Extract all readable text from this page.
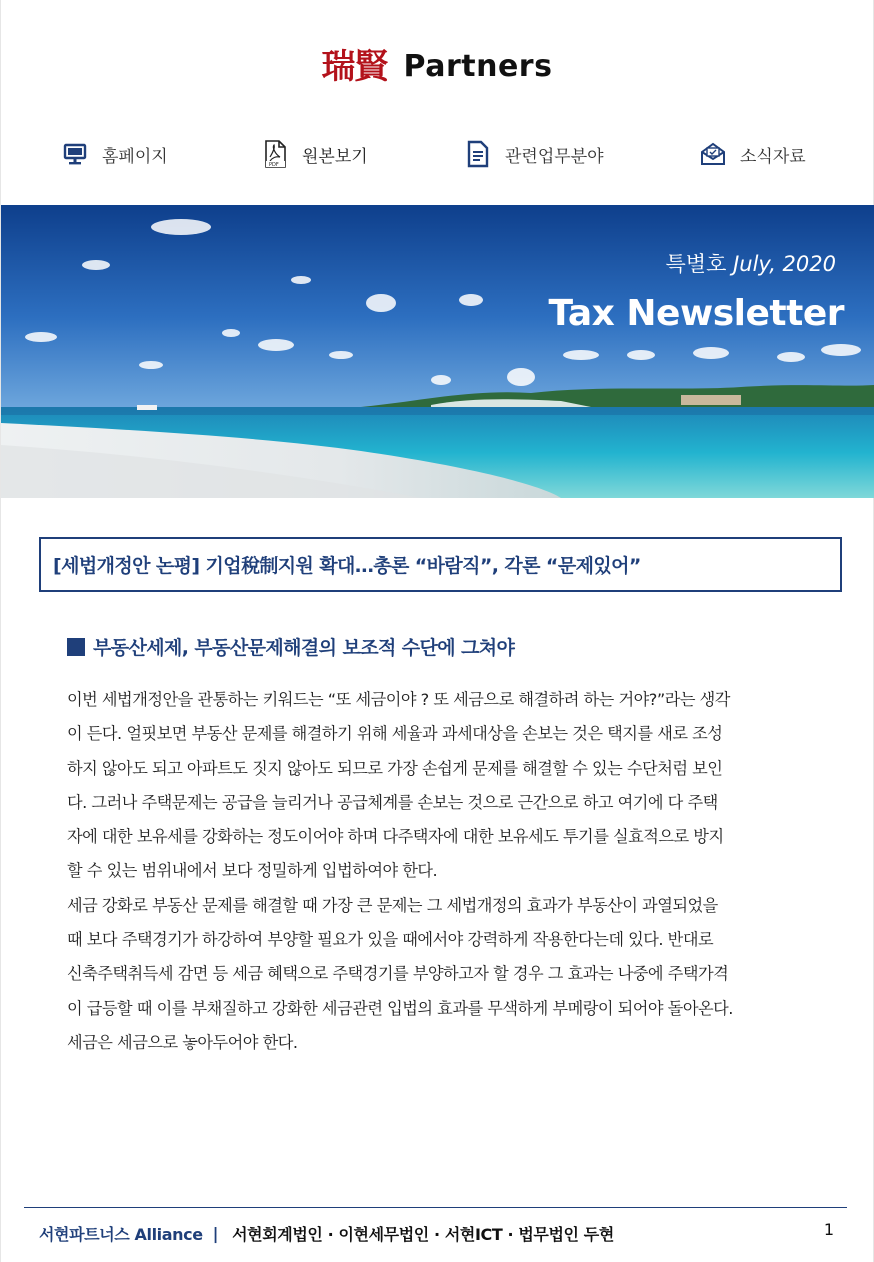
瑞賢 Partners
홈페이지	PDF 원본보기	관련업무분야	소식자료
특별호 July, 2020
Tax Newsletter
[세법개정안 논평] 기업稅制지원 확대…총론 “바람직”, 각론 “문제있어”
부동산세제, 부동산문제해결의 보조적 수단에 그쳐야
이번 세법개정안을 관통하는 키워드는 “또 세금이야 ? 또 세금으로 해결하려 하는 거야?”라는 생각
이 든다. 얼핏보면 부동산 문제를 해결하기 위해 세율과 과세대상을 손보는 것은 택지를 새로 조성
하지 않아도 되고 아파트도 짓지 않아도 되므로 가장 손쉽게 문제를 해결할 수 있는 수단처럼 보인
다. 그러나 주택문제는 공급을 늘리거나 공급체계를 손보는 것으로 근간으로 하고 여기에 다 주택
자에 대한 보유세를 강화하는 정도이어야 하며 다주택자에 대한 보유세도 투기를 실효적으로 방지
할 수 있는 범위내에서 보다 정밀하게 입법하여야 한다.
세금 강화로 부동산 문제를 해결할 때 가장 큰 문제는 그 세법개정의 효과가 부동산이 과열되었을
때 보다 주택경기가 하강하여 부양할 필요가 있을 때에서야 강력하게 작용한다는데 있다. 반대로
신축주택취득세 감면 등 세금 혜택으로 주택경기를 부양하고자 할 경우 그 효과는 나중에 주택가격
이 급등할 때 이를 부채질하고 강화한 세금관련 입법의 효과를 무색하게 부메랑이 되어야 돌아온다.
세금은 세금으로 놓아두어야 한다.
서현파트너스 Alliance | 서현회계법인 · 이현세무법인 · 서현ICT · 법무법인 두현	1
